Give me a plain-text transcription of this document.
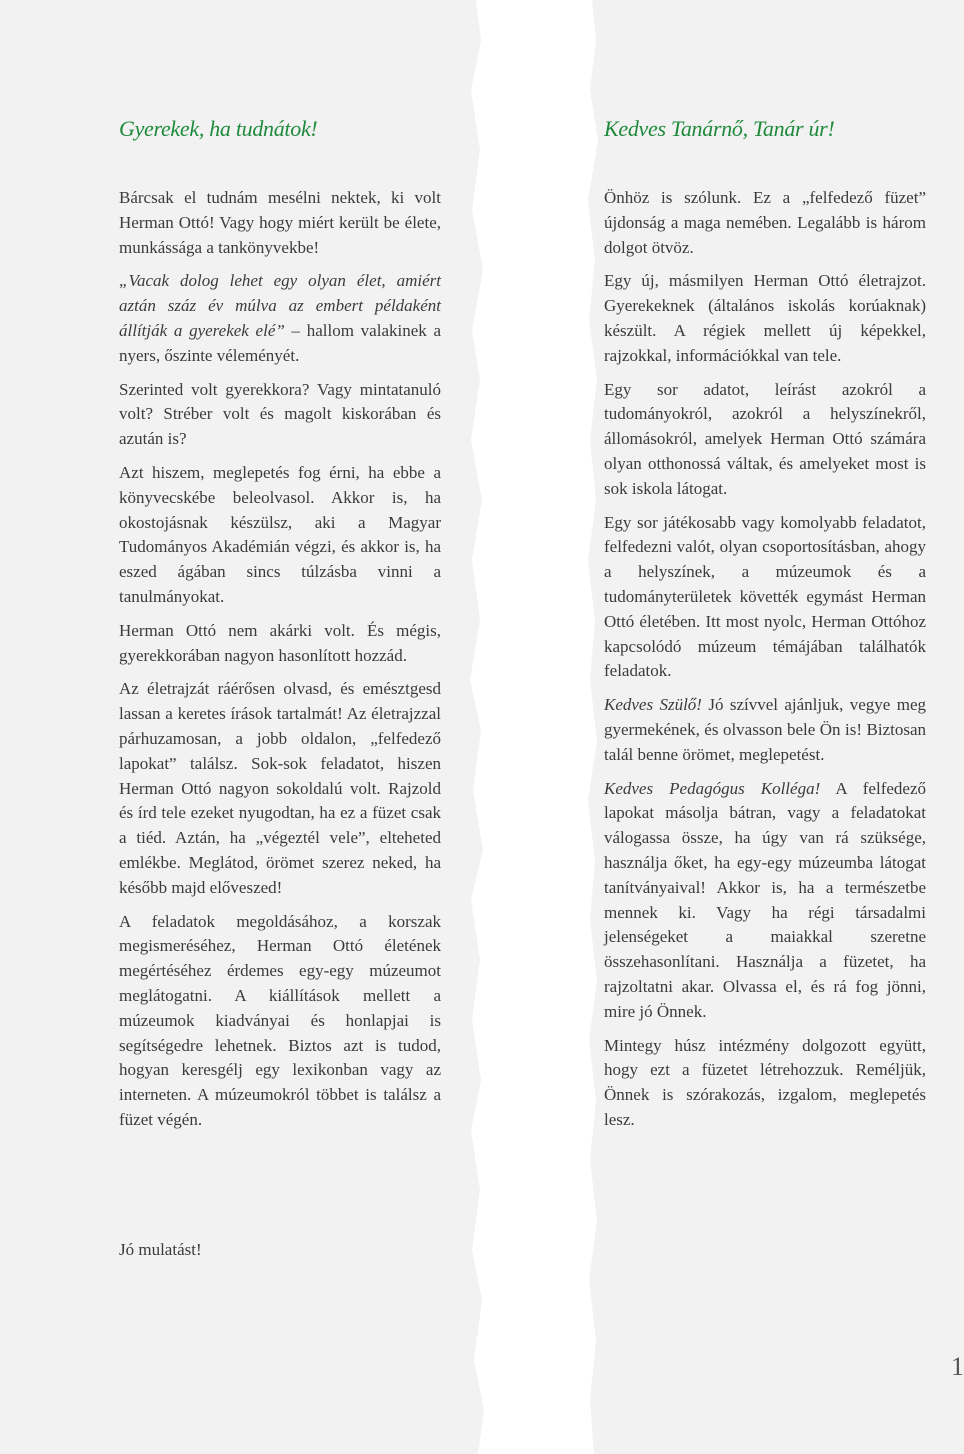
Gyerekek, ha tudnátok!

Bárcsak el tudnám mesélni nektek, ki volt Herman Ottó! Vagy hogy miért került be élete, munkássága a tankönyvekbe!

„Vacak dolog lehet egy olyan élet, amiért aztán száz év múlva az embert példaként állítják a gyerekek elé” – hallom valakinek a nyers, őszinte véleményét.

Szerinted volt gyerekkora? Vagy mintatanuló volt? Stréber volt és magolt kiskorában és azután is?

Azt hiszem, meglepetés fog érni, ha ebbe a könyvecskébe beleolvasol. Akkor is, ha okostojásnak készülsz, aki a Magyar Tudományos Akadémián végzi, és akkor is, ha eszed ágában sincs túlzásba vinni a tanulmányokat.

Herman Ottó nem akárki volt. És mégis, gyerekkorában nagyon hasonlított hozzád.

Az életrajzát ráérősen olvasd, és emésztgesd lassan a keretes írások tartalmát! Az életrajzzal párhuzamosan, a jobb oldalon, „felfedező lapokat” találsz. Sok-sok feladatot, hiszen Herman Ottó nagyon sokoldalú volt. Rajzold és írd tele ezeket nyugodtan, ha ez a füzet csak a tiéd. Aztán, ha „végeztél vele”, elteheted emlékbe. Meglátod, örömet szerez neked, ha később majd előveszed!

A feladatok megoldásához, a korszak megismeréséhez, Herman Ottó életének megértéséhez érdemes egy-egy múzeumot meglátogatni. A kiállítások mellett a múzeumok kiadványai és honlapjai is segítségedre lehetnek. Biztos azt is tudod, hogyan keresgélj egy lexikonban vagy az interneten. A múzeumokról többet is találsz a füzet végén.

Kedves Tanárnő, Tanár úr!

Önhöz is szólunk. Ez a „felfedező füzet” újdonság a maga nemében. Legalább is három dolgot ötvöz.

Egy új, másmilyen Herman Ottó életrajzot. Gyerekeknek (általános iskolás korúaknak) készült. A régiek mellett új képekkel, rajzokkal, információkkal van tele.

Egy sor adatot, leírást azokról a tudományokról, azokról a helyszínekről, állomásokról, amelyek Herman Ottó számára olyan otthonossá váltak, és amelyeket most is sok iskola látogat.

Egy sor játékosabb vagy komolyabb feladatot, felfedezni valót, olyan csoportosításban, ahogy a helyszínek, a múzeumok és a tudományterületek követték egymást Herman Ottó életében. Itt most nyolc, Herman Ottóhoz kapcsolódó múzeum témájában találhatók feladatok.

Kedves Szülő! Jó szívvel ajánljuk, vegye meg gyermekének, és olvasson bele Ön is! Biztosan talál benne örömet, meglepetést.

Kedves Pedagógus Kolléga! A felfedező lapokat másolja bátran, vagy a feladatokat válogassa össze, ha úgy van rá szüksége, használja őket, ha egy-egy múzeumba látogat tanítványaival! Akkor is, ha a természetbe mennek ki. Vagy ha régi társadalmi jelenségeket a maiakkal szeretne összehasonlítani. Használja a füzetet, ha rajzoltatni akar. Olvassa el, és rá fog jönni, mire jó Önnek.

Mintegy húsz intézmény dolgozott együtt, hogy ezt a füzetet létrehozzuk. Reméljük, Önnek is szórakozás, izgalom, meglepetés lesz.

Jó mulatást!

1
